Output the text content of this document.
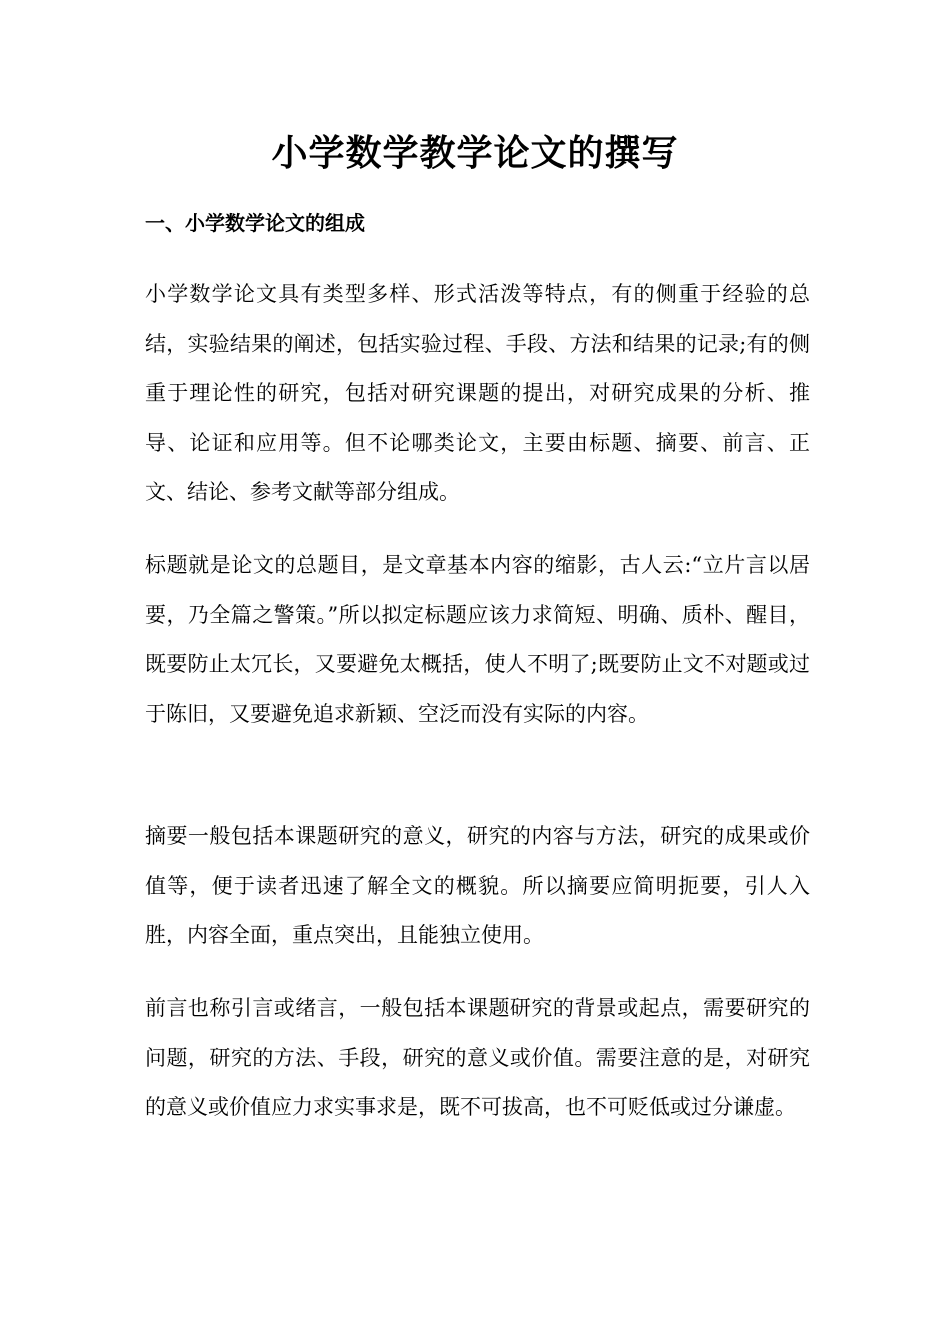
小学数学教学论文的撰写
一、小学数学论文的组成

小学数学论文具有类型多样、形式活泼等特点，有的侧重于经验的总结，实验结果的阐述，包括实验过程、手段、方法和结果的记录;有的侧重于理论性的研究，包括对研究课题的提出，对研究成果的分析、推导、论证和应用等。但不论哪类论文，主要由标题、摘要、前言、正文、结论、参考文献等部分组成。

标题就是论文的总题目，是文章基本内容的缩影，古人云:“立片言以居要，乃全篇之警策。”所以拟定标题应该力求简短、明确、质朴、醒目，既要防止太冗长，又要避免太概括，使人不明了;既要防止文不对题或过于陈旧，又要避免追求新颖、空泛而没有实际的内容。

摘要一般包括本课题研究的意义，研究的内容与方法，研究的成果或价值等，便于读者迅速了解全文的概貌。所以摘要应简明扼要，引人入胜，内容全面，重点突出，且能独立使用。

前言也称引言或绪言，一般包括本课题研究的背景或起点，需要研究的问题，研究的方法、手段，研究的意义或价值。需要注意的是，对研究的意义或价值应力求实事求是，既不可拔高，也不可贬低或过分谦虚。
